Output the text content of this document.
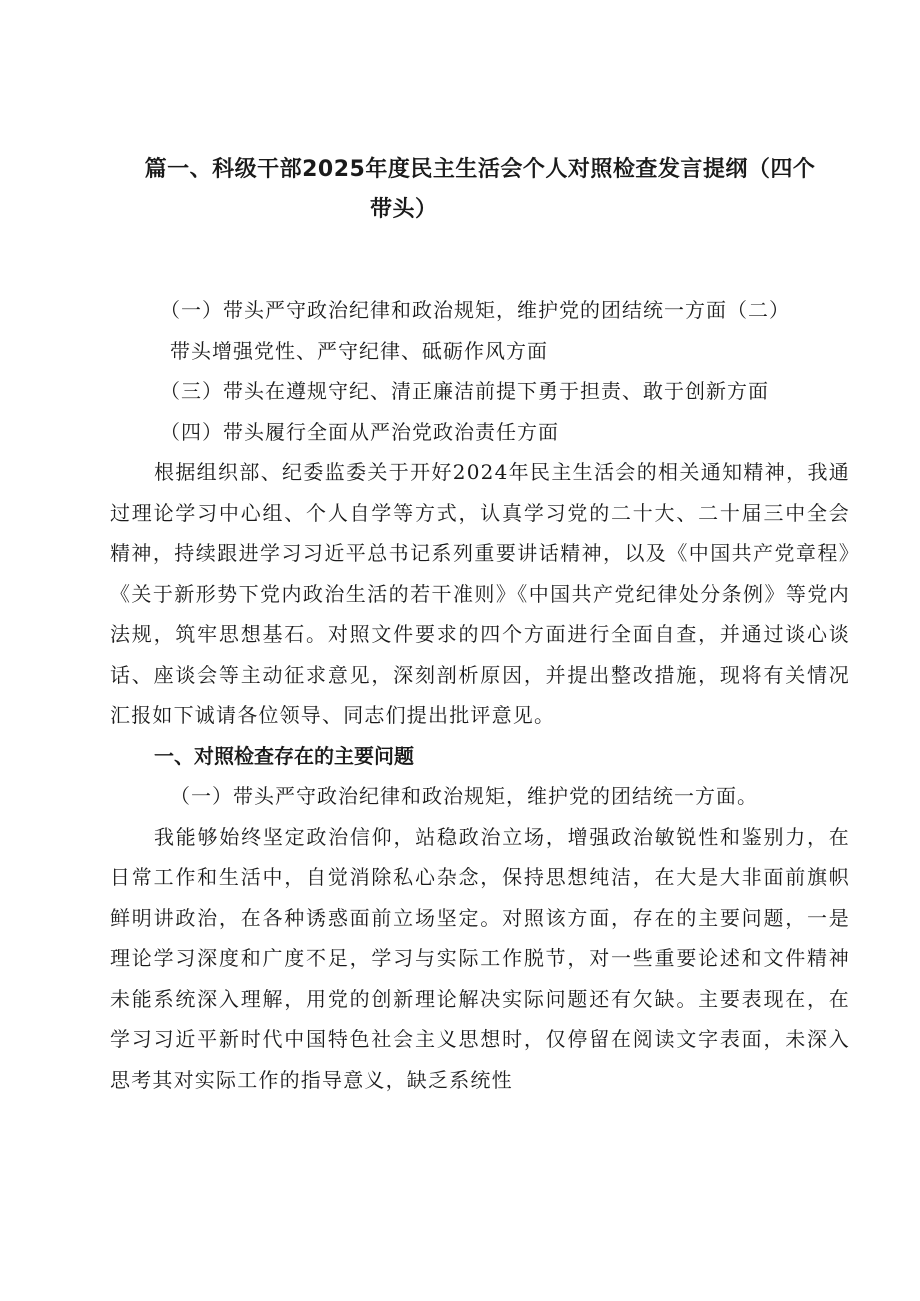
篇一、科级干部2025年度民主生活会个人对照检查发言提纲（四个
带头）

（一）带头严守政治纪律和政治规矩，维护党的团结统一方面（二）
带头增强党性、严守纪律、砥砺作风方面

（三）带头在遵规守纪、清正廉洁前提下勇于担责、敢于创新方面

（四）带头履行全面从严治党政治责任方面

根据组织部、纪委监委关于开好2024年民主生活会的相关通知精神，我通过理论学习中心组、个人自学等方式，认真学习党的二十大、二十届三中全会精神，持续跟进学习习近平总书记系列重要讲话精神，以及《中国共产党章程》《关于新形势下党内政治生活的若干准则》《中国共产党纪律处分条例》等党内法规，筑牢思想基石。对照文件要求的四个方面进行全面自查，并通过谈心谈话、座谈会等主动征求意见，深刻剖析原因，并提出整改措施，现将有关情况汇报如下诚请各位领导、同志们提出批评意见。

一、对照检查存在的主要问题

（一）带头严守政治纪律和政治规矩，维护党的团结统一方面。

我能够始终坚定政治信仰，站稳政治立场，增强政治敏锐性和鉴别力，在日常工作和生活中，自觉消除私心杂念，保持思想纯洁，在大是大非面前旗帜鲜明讲政治，在各种诱惑面前立场坚定。对照该方面，存在的主要问题，一是理论学习深度和广度不足，学习与实际工作脱节，对一些重要论述和文件精神未能系统深入理解，用党的创新理论解决实际问题还有欠缺。主要表现在，在学习习近平新时代中国特色社会主义思想时，仅停留在阅读文字表面，未深入思考其对实际工作的指导意义，缺乏系统性
